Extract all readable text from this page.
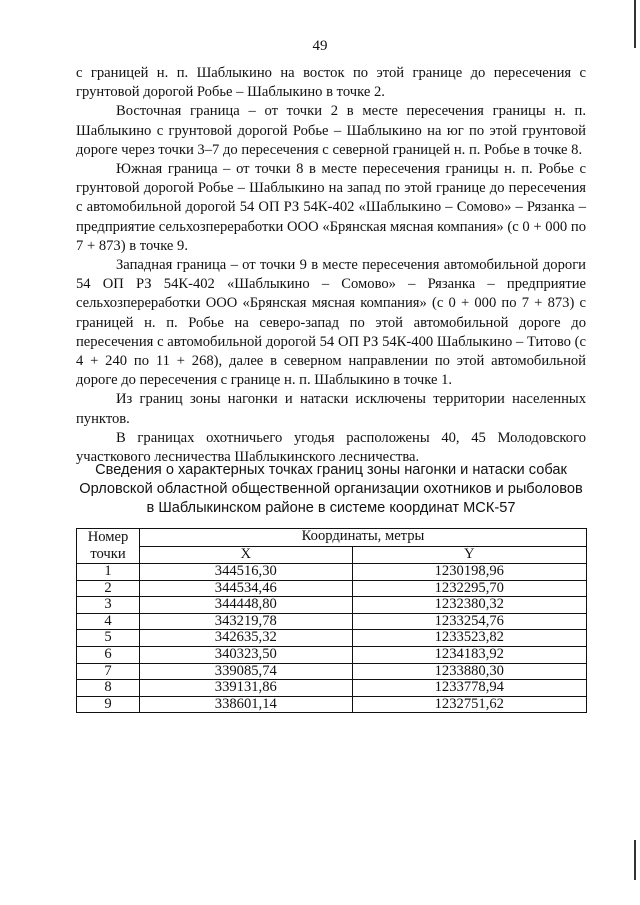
49

с границей н. п. Шаблыкино на восток по этой границе до пересечения с грунтовой дорогой Робье – Шаблыкино в точке 2.

Восточная граница – от точки 2 в месте пересечения границы н. п. Шаблыкино с грунтовой дорогой Робье – Шаблыкино на юг по этой грунтовой дороге через точки 3–7 до пересечения с северной границей н. п. Робье в точке 8.

Южная граница – от точки 8 в месте пересечения границы н. п. Робье с грунтовой дорогой Робье – Шаблыкино на запад по этой границе до пересечения с автомобильной дорогой 54 ОП РЗ 54К-402 «Шаблыкино – Сомово» – Рязанка – предприятие сельхозпереработки ООО «Брянская мясная компания» (с 0 + 000 по 7 + 873) в точке 9.

Западная граница – от точки 9 в месте пересечения автомобильной дороги 54 ОП РЗ 54К-402 «Шаблыкино – Сомово» – Рязанка – предприятие сельхозпереработки ООО «Брянская мясная компания» (с 0 + 000 по 7 + 873) с границей н. п. Робье на северо-запад по этой автомобильной дороге до пересечения с автомобильной дорогой 54 ОП РЗ 54К-400 Шаблыкино – Титово (с 4 + 240 по 11 + 268), далее в северном направлении по этой автомобильной дороге до пересечения с границе н. п. Шаблыкино в точке 1.

Из границ зоны нагонки и натаски исключены территории населенных пунктов.

В границах охотничьего угодья расположены 40, 45 Молодовского участкового лесничества Шаблыкинского лесничества.

Сведения о характерных точках границ зоны нагонки и натаски собак
Орловской областной общественной организации охотников и рыболовов
в Шаблыкинском районе в системе координат МСК-57
Номер точки	Координаты, метры	
	X	Y
1	344516,30	1230198,96
2	344534,46	1232295,70
3	344448,80	1232380,32
4	343219,78	1233254,76
5	342635,32	1233523,82
6	340323,50	1234183,92
7	339085,74	1233880,30
8	339131,86	1233778,94
9	338601,14	1232751,62
